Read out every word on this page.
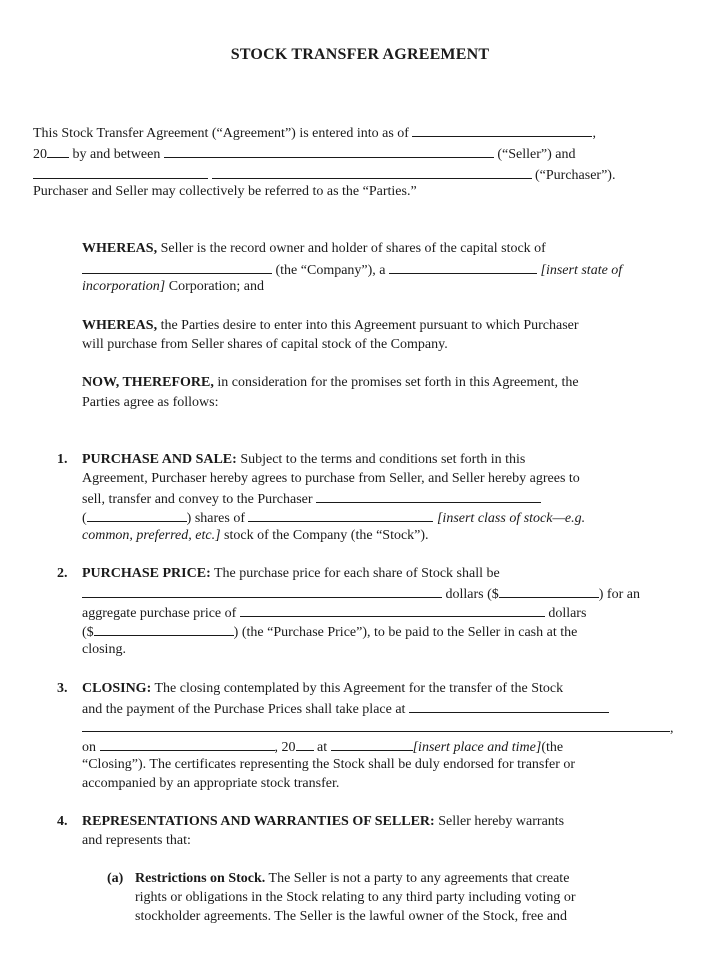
STOCK TRANSFER AGREEMENT
This Stock Transfer Agreement (“Agreement”) is entered into as of	,
20 by and between	(“Seller”) and
(“Purchaser”).
Purchaser and Seller may collectively be referred to as the “Parties.”
WHEREAS, Seller is the record owner and holder of shares of the capital stock of
(the “Company”), a	[insert state of
incorporation] Corporation; and
WHEREAS, the Parties desire to enter into this Agreement pursuant to which Purchaser
will purchase from Seller shares of capital stock of the Company.
NOW, THEREFORE, in consideration for the promises set forth in this Agreement, the
Parties agree as follows:
1. PURCHASE AND SALE: Subject to the terms and conditions set forth in this
Agreement, Purchaser hereby agrees to purchase from Seller, and Seller hereby agrees to
sell, transfer and convey to the Purchaser
(	) shares of	[insert class of stock—e.g.
common, preferred, etc.] stock of the Company (the “Stock”).
2. PURCHASE PRICE: The purchase price for each share of Stock shall be
dollars ($	) for an
aggregate purchase price of	dollars
($	) (the “Purchase Price”), to be paid to the Seller in cash at the
closing.
3. CLOSING: The closing contemplated by this Agreement for the transfer of the Stock
and the payment of the Purchase Prices shall take place at
,
on	, 20 at	[insert place and time](the
“Closing”). The certificates representing the Stock shall be duly endorsed for transfer or
accompanied by an appropriate stock transfer.
4. REPRESENTATIONS AND WARRANTIES OF SELLER: Seller hereby warrants
and represents that:
(a) Restrictions on Stock. The Seller is not a party to any agreements that create
rights or obligations in the Stock relating to any third party including voting or
stockholder agreements. The Seller is the lawful owner of the Stock, free and
